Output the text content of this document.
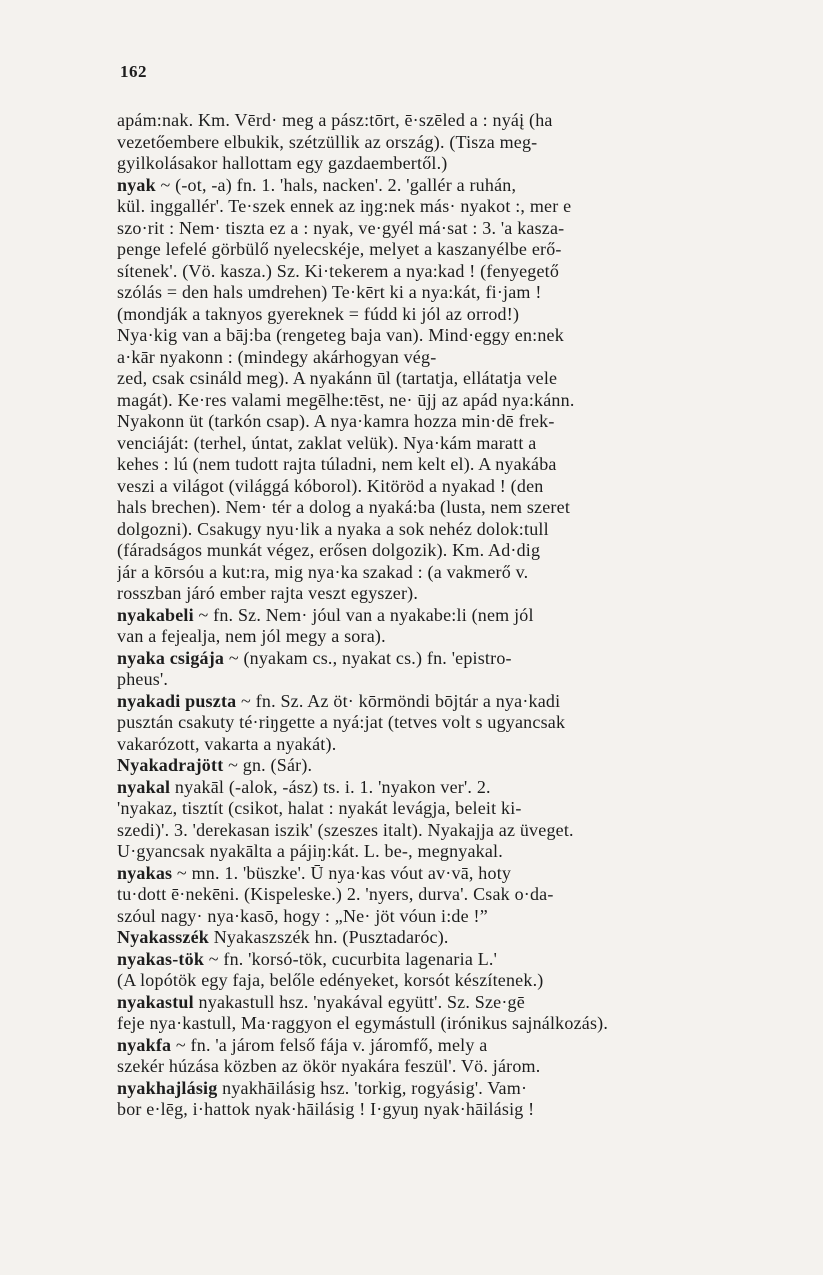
162
apám:nak. Km. Vērd· meg a pász:tōrt, ē·szēled a : nyáį (ha
vezetőembere elbukik, szétzüllik az ország). (Tisza meg-
gyilkolásakor hallottam egy gazdaembertől.)
nyak ~ (-ot, -a) fn. 1. 'hals, nacken'. 2. 'gallér a ruhán,
kül. inggallér'. Te·szek ennek az iŋg:nek más· nyakot :, mer e
szo·rit : Nem· tiszta ez a : nyak, ve·gyél má·sat : 3. 'a kasza-
penge lefelé görbülő nyelecskéje, melyet a kaszanyélbe erő-
sítenek'. (Vö. kasza.) Sz. Ki·tekerem a nya:kad ! (fenyegető
szólás = den hals umdrehen) Te·kērt ki a nya:kát, fi·jam !
(mondják a taknyos gyereknek = fúdd ki jól az orrod!)
Nya·kig van a bāj:ba (rengeteg baja van). Mind·eggy en:nek
a·kār nyakonn : (mindegy akárhogyan vég-
zed, csak csináld meg). A nyakánn ūl (tartatja, ellátatja vele
magát). Ke·res valami megēlhe:tēst, ne· ūjj az apád nya:kánn.
Nyakonn üt (tarkón csap). A nya·kamra hozza min·dē frek-
venciáját: (terhel, úntat, zaklat velük). Nya·kám maratt a
kehes : lú (nem tudott rajta túladni, nem kelt el). A nyakába
veszi a világot (világgá kóborol). Kitöröd a nyakad ! (den
hals brechen). Nem· tér a dolog a nyaká:ba (lusta, nem szeret
dolgozni). Csakugy nyu·lik a nyaka a sok nehéz dolok:tull
(fáradságos munkát végez, erősen dolgozik). Km. Ad·dig
jár a kōrsóu a kut:ra, mig nya·ka szakad : (a vakmerő v.
rosszban járó ember rajta veszt egyszer).
nyakabeli ~ fn. Sz. Nem· jóul van a nyakabe:li (nem jól
van a fejealja, nem jól megy a sora).
nyaka csigája ~ (nyakam cs., nyakat cs.) fn. 'epistro-
pheus'.
nyakadi puszta ~ fn. Sz. Az öt· kōrmöndi bōjtár a nya·kadi
pusztán csakuty té·riŋgette a nyá:jat (tetves volt s ugyancsak
vakarózott, vakarta a nyakát).
Nyakadrajött ~ gn. (Sár).
nyakal nyakāl (-alok, -ász) ts. i. 1. 'nyakon ver'. 2.
'nyakaz, tisztít (csikot, halat : nyakát levágja, beleit ki-
szedi)'. 3. 'derekasan iszik' (szeszes italt). Nyakajja az üveget.
U·gyancsak nyakālta a pájiŋ:kát. L. be-, megnyakal.
nyakas ~ mn. 1. 'büszke'. Ū nya·kas vóut av·vā, hoty
tu·dott ē·nekēni. (Kispeleske.) 2. 'nyers, durva'. Csak o·da-
szóul nagy· nya·kasō, hogy : „Ne· jöt vóun i:de !”
Nyakasszék Nyakaszszék hn. (Pusztadaróc).
nyakas-tök ~ fn. 'korsó-tök, cucurbita lagenaria L.'
(A lopótök egy faja, belőle edényeket, korsót készítenek.)
nyakastul nyakastull hsz. 'nyakával együtt'. Sz. Sze·gē
feje nya·kastull, Ma·raggyon el egymástull (irónikus sajnálkozás).
nyakfa ~ fn. 'a járom felső fája v. járomfő, mely a
szekér húzása közben az ökör nyakára feszül'. Vö. járom.
nyakhajlásig nyakhāilásig hsz. 'torkig, rogyásig'. Vam·
bor e·lēg, i·hattok nyak·hāilásig ! I·gyuŋ nyak·hāilásig !
